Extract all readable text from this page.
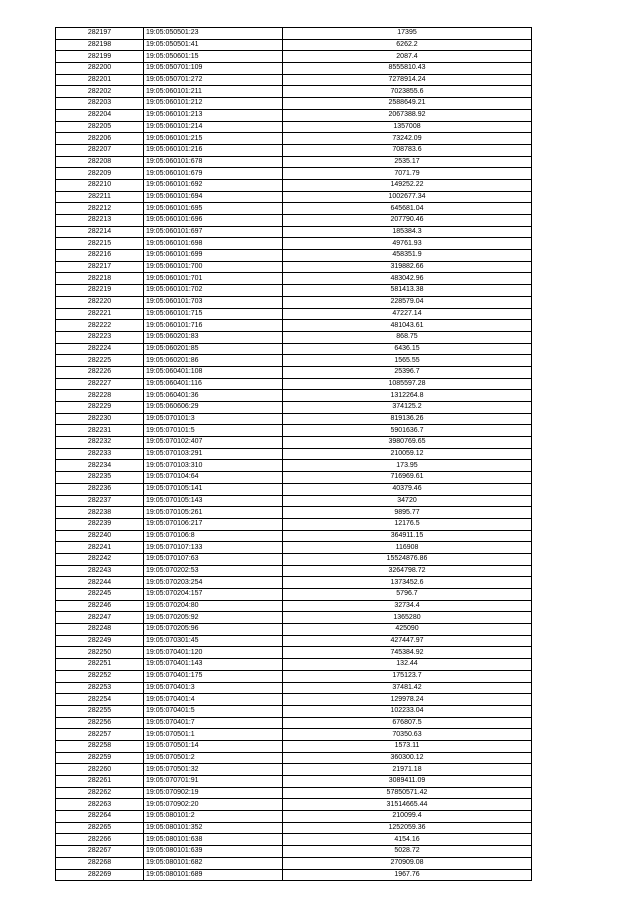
282197	19:05:050501:23	17395
282198	19:05:050501:41	6262.2
282199	19:05:050601:15	2087.4
282200	19:05:050701:109	8555810.43
282201	19:05:050701:272	7278914.24
282202	19:05:060101:211	7023855.6
282203	19:05:060101:212	2588649.21
282204	19:05:060101:213	2067388.92
282205	19:05:060101:214	1357008
282206	19:05:060101:215	73242.09
282207	19:05:060101:216	708783.6
282208	19:05:060101:678	2535.17
282209	19:05:060101:679	7071.79
282210	19:05:060101:692	149252.22
282211	19:05:060101:694	1002677.34
282212	19:05:060101:695	645681.04
282213	19:05:060101:696	207790.46
282214	19:05:060101:697	185384.3
282215	19:05:060101:698	49761.93
282216	19:05:060101:699	458351.9
282217	19:05:060101:700	319882.66
282218	19:05:060101:701	483042.96
282219	19:05:060101:702	581413.38
282220	19:05:060101:703	228579.04
282221	19:05:060101:715	47227.14
282222	19:05:060101:716	481043.61
282223	19:05:060201:83	868.75
282224	19:05:060201:85	6436.15
282225	19:05:060201:86	1565.55
282226	19:05:060401:108	25396.7
282227	19:05:060401:116	1085597.28
282228	19:05:060401:36	1312264.8
282229	19:05:060606:29	374125.2
282230	19:05:070101:3	819136.26
282231	19:05:070101:5	5901636.7
282232	19:05:070102:407	3980769.65
282233	19:05:070103:291	210059.12
282234	19:05:070103:310	173.95
282235	19:05:070104:64	716969.61
282236	19:05:070105:141	40379.46
282237	19:05:070105:143	34720
282238	19:05:070105:261	9895.77
282239	19:05:070106:217	12176.5
282240	19:05:070106:8	364911.15
282241	19:05:070107:133	116908
282242	19:05:070107:63	15524876.86
282243	19:05:070202:53	3264798.72
282244	19:05:070203:254	1373452.6
282245	19:05:070204:157	5796.7
282246	19:05:070204:80	32734.4
282247	19:05:070205:92	1365280
282248	19:05:070205:96	425090
282249	19:05:070301:45	427447.97
282250	19:05:070401:120	745384.92
282251	19:05:070401:143	132.44
282252	19:05:070401:175	175123.7
282253	19:05:070401:3	37481.42
282254	19:05:070401:4	129978.24
282255	19:05:070401:5	102233.04
282256	19:05:070401:7	676807.5
282257	19:05:070501:1	70350.63
282258	19:05:070501:14	1573.11
282259	19:05:070501:2	360300.12
282260	19:05:070501:32	21971.18
282261	19:05:070701:91	3089411.09
282262	19:05:070902:19	57850571.42
282263	19:05:070902:20	31514665.44
282264	19:05:080101:2	210099.4
282265	19:05:080101:352	1252059.36
282266	19:05:080101:638	4154.16
282267	19:05:080101:639	5028.72
282268	19:05:080101:682	270909.08
282269	19:05:080101:689	1967.76
